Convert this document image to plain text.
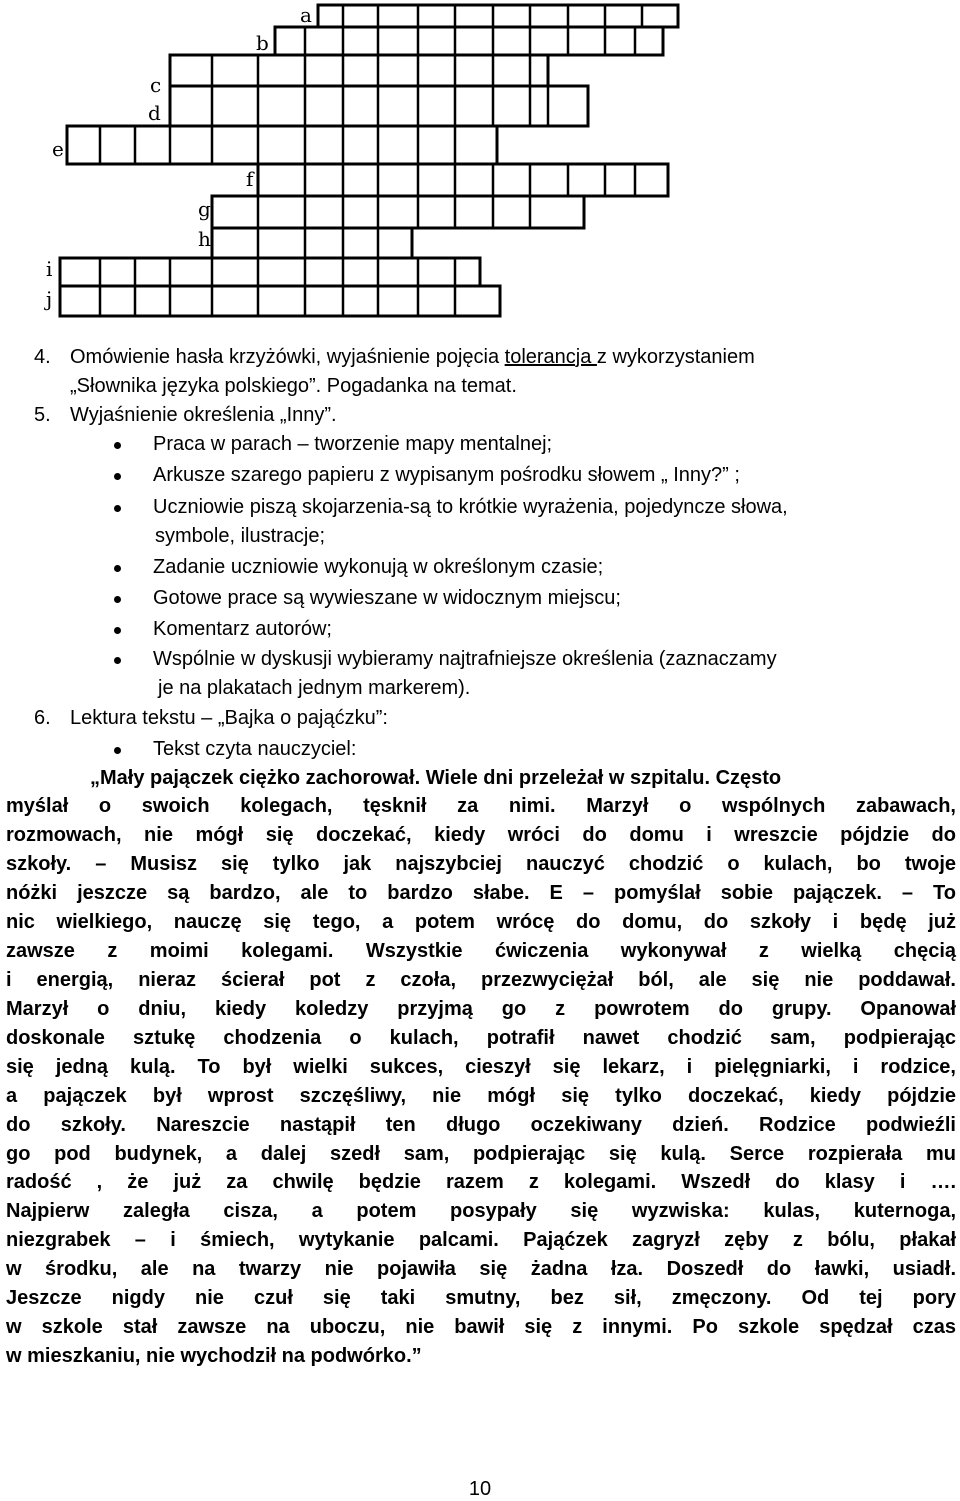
a
b
c
d
e
f
g
h
i
j
4. Omówienie hasła krzyżówki, wyjaśnienie pojęcia tolerancja z wykorzystaniem
„Słownika języka polskiego”. Pogadanka na temat.
5. Wyjaśnienie określenia „Inny”.
Praca w parach – tworzenie mapy mentalnej;
Arkusze szarego papieru z wypisanym pośrodku słowem „ Inny?” ;
Uczniowie piszą skojarzenia-są to krótkie wyrażenia, pojedyncze słowa,
symbole, ilustracje;
Zadanie uczniowie wykonują w określonym czasie;
Gotowe prace są wywieszane w widocznym miejscu;
Komentarz autorów;
Wspólnie w dyskusji wybieramy najtrafniejsze określenia (zaznaczamy
je na plakatach jednym markerem).
6. Lektura tekstu – „Bajka o pająćzku”:
Tekst czyta nauczyciel:
„Mały pajączek ciężko zachorował. Wiele dni przeleżał w szpitalu. Często
myślał o swoich kolegach, tęsknił za nimi. Marzył o wspólnych zabawach,
rozmowach, nie mógł się doczekać, kiedy wróci do domu i wreszcie pójdzie do
szkoły. – Musisz się tylko jak najszybciej nauczyć chodzić o kulach, bo twoje
nóżki jeszcze są bardzo, ale to bardzo słabe. E – pomyślał sobie pajączek. – To
nic wielkiego, nauczę się tego, a potem wrócę do domu, do szkoły i będę już
zawsze z moimi kolegami. Wszystkie ćwiczenia wykonywał z wielką chęcią
i energią, nieraz ścierał pot z czoła, przezwyciężał ból, ale się nie poddawał.
Marzył o dniu, kiedy koledzy przyjmą go z powrotem do grupy. Opanował
doskonale sztukę chodzenia o kulach, potrafił nawet chodzić sam, podpierając
się jedną kulą. To był wielki sukces, cieszył się lekarz, i pielęgniarki, i rodzice,
a pajączek był wprost szczęśliwy, nie mógł się tylko doczekać, kiedy pójdzie
do szkoły. Nareszcie nastąpił ten długo oczekiwany dzień. Rodzice podwieźli
go pod budynek, a dalej szedł sam, podpierając się kulą. Serce rozpierała mu
radość , że już za chwilę będzie razem z kolegami. Wszedł do klasy i ….
Najpierw zaległa cisza, a potem posypały się wyzwiska: kulas, kuternoga,
niezgrabek – i śmiech, wytykanie palcami. Pająćzek zagryzł zęby z bólu, płakał
w środku, ale na twarzy nie pojawiła się żadna łza. Doszedł do ławki, usiadł.
Jeszcze nigdy nie czuł się taki smutny, bez sił, zmęczony. Od tej pory
w szkole stał zawsze na uboczu, nie bawił się z innymi. Po szkole spędzał czas
w mieszkaniu, nie wychodził na podwórko.”
10
